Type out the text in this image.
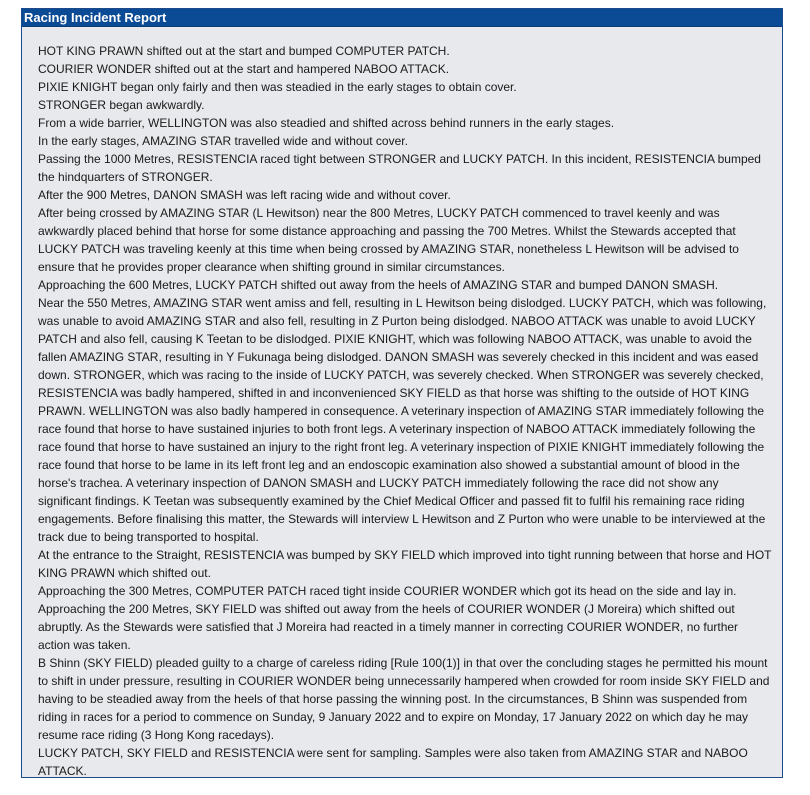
Racing Incident Report

HOT KING PRAWN shifted out at the start and bumped COMPUTER PATCH.

COURIER WONDER shifted out at the start and hampered NABOO ATTACK.

PIXIE KNIGHT began only fairly and then was steadied in the early stages to obtain cover.

STRONGER began awkwardly.

From a wide barrier, WELLINGTON was also steadied and shifted across behind runners in the early stages.

In the early stages, AMAZING STAR travelled wide and without cover.

Passing the 1000 Metres, RESISTENCIA raced tight between STRONGER and LUCKY PATCH. In this incident, RESISTENCIA bumped the hindquarters of STRONGER.

After the 900 Metres, DANON SMASH was left racing wide and without cover.

After being crossed by AMAZING STAR (L Hewitson) near the 800 Metres, LUCKY PATCH commenced to travel keenly and was awkwardly placed behind that horse for some distance approaching and passing the 700 Metres. Whilst the Stewards accepted that LUCKY PATCH was traveling keenly at this time when being crossed by AMAZING STAR, nonetheless L Hewitson will be advised to ensure that he provides proper clearance when shifting ground in similar circumstances.

Approaching the 600 Metres, LUCKY PATCH shifted out away from the heels of AMAZING STAR and bumped DANON SMASH.

Near the 550 Metres, AMAZING STAR went amiss and fell, resulting in L Hewitson being dislodged. LUCKY PATCH, which was following, was unable to avoid AMAZING STAR and also fell, resulting in Z Purton being dislodged. NABOO ATTACK was unable to avoid LUCKY PATCH and also fell, causing K Teetan to be dislodged. PIXIE KNIGHT, which was following NABOO ATTACK, was unable to avoid the fallen AMAZING STAR, resulting in Y Fukunaga being dislodged. DANON SMASH was severely checked in this incident and was eased down. STRONGER, which was racing to the inside of LUCKY PATCH, was severely checked. When STRONGER was severely checked, RESISTENCIA was badly hampered, shifted in and inconvenienced SKY FIELD as that horse was shifting to the outside of HOT KING PRAWN. WELLINGTON was also badly hampered in consequence. A veterinary inspection of AMAZING STAR immediately following the race found that horse to have sustained injuries to both front legs. A veterinary inspection of NABOO ATTACK immediately following the race found that horse to have sustained an injury to the right front leg. A veterinary inspection of PIXIE KNIGHT immediately following the race found that horse to be lame in its left front leg and an endoscopic examination also showed a substantial amount of blood in the horse's trachea. A veterinary inspection of DANON SMASH and LUCKY PATCH immediately following the race did not show any significant findings. K Teetan was subsequently examined by the Chief Medical Officer and passed fit to fulfil his remaining race riding engagements. Before finalising this matter, the Stewards will interview L Hewitson and Z Purton who were unable to be interviewed at the track due to being transported to hospital.

At the entrance to the Straight, RESISTENCIA was bumped by SKY FIELD which improved into tight running between that horse and HOT KING PRAWN which shifted out.

Approaching the 300 Metres, COMPUTER PATCH raced tight inside COURIER WONDER which got its head on the side and lay in.

Approaching the 200 Metres, SKY FIELD was shifted out away from the heels of COURIER WONDER (J Moreira) which shifted out abruptly. As the Stewards were satisfied that J Moreira had reacted in a timely manner in correcting COURIER WONDER, no further action was taken.

B Shinn (SKY FIELD) pleaded guilty to a charge of careless riding [Rule 100(1)] in that over the concluding stages he permitted his mount to shift in under pressure, resulting in COURIER WONDER being unnecessarily hampered when crowded for room inside SKY FIELD and having to be steadied away from the heels of that horse passing the winning post. In the circumstances, B Shinn was suspended from riding in races for a period to commence on Sunday, 9 January 2022 and to expire on Monday, 17 January 2022 on which day he may resume race riding (3 Hong Kong racedays).

LUCKY PATCH, SKY FIELD and RESISTENCIA were sent for sampling. Samples were also taken from AMAZING STAR and NABOO ATTACK.
